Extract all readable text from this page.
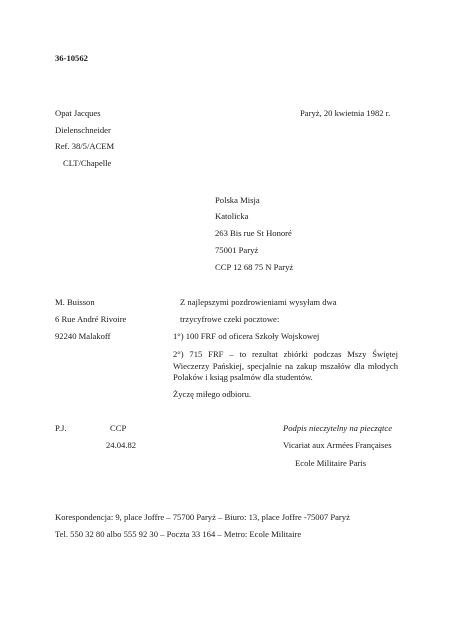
36-10562
Opat Jacques
Dielenschneider
Ref. 38/5/ACEM
CLT/Chapelle
Paryż, 20 kwietnia 1982 r.
Polska Misja
Katolicka
263 Bis rue St Honoré
75001 Paryż
CCP 12 68 75 N Paryż
M. Buisson
6 Rue André Rivoire
92240 Malakoff
Z najlepszymi pozdrowieniami wysyłam dwa
trzycyfrowe czeki pocztowe:
1°) 100 FRF od oficera Szkoły Wojskowej
2°) 715 FRF – to rezultat zbiórki podczas Mszy Świętej Wieczerzy Pańskiej, specjalnie na zakup mszałów dla młodych Polaków i ksiąg psalmów dla studentów.
Życzę miłego odbioru.
P.J.	CCP
24.04.82
Podpis nieczytelny na pieczątce
Vicariat aux Armées Françaises
Ecole Militaire Paris
Korespondencja: 9, place Joffre – 75700 Paryż – Biuro: 13, place Joffre -75007 Paryż
Tel. 550 32 80 albo 555 92 30 – Poczta 33 164 – Metro: Ecole Militaire
